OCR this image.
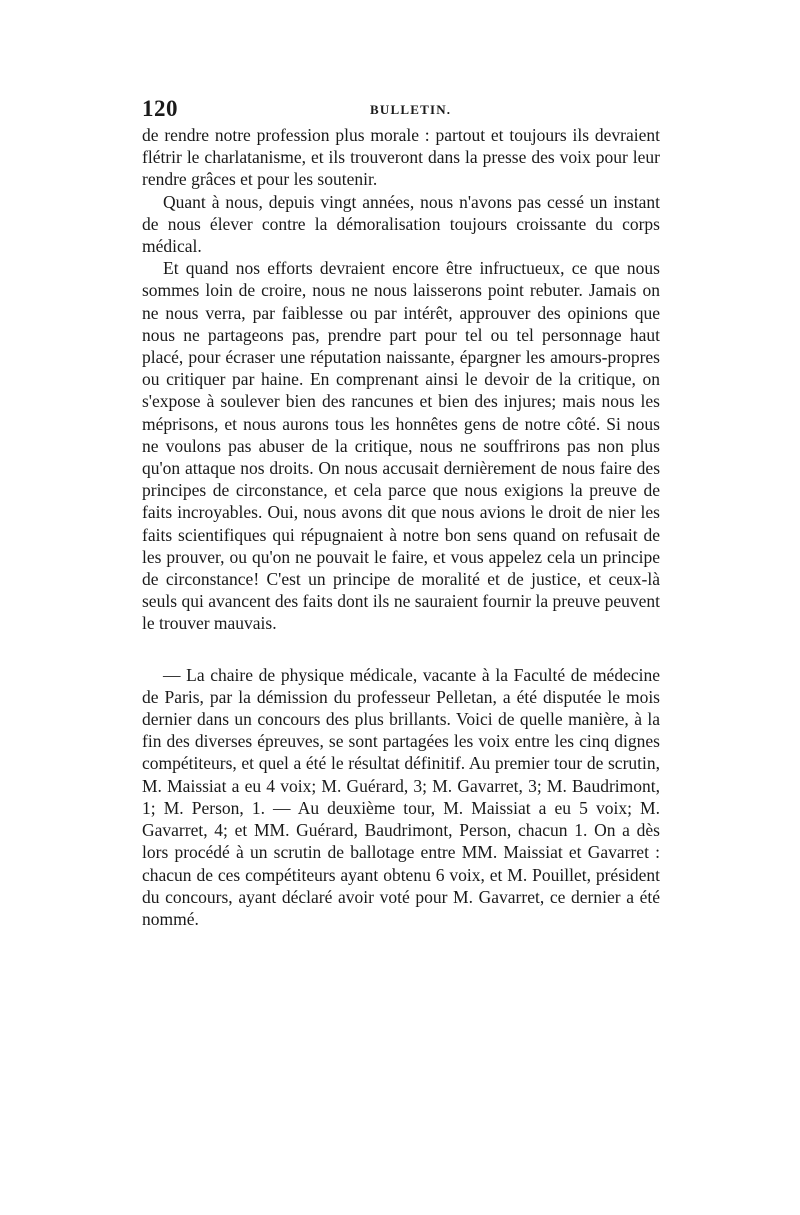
120	BULLETIN.

de rendre notre profession plus morale : partout et toujours ils devraient flétrir le charlatanisme, et ils trouveront dans la presse des voix pour leur rendre grâces et pour les soutenir.

Quant à nous, depuis vingt années, nous n'avons pas cessé un instant de nous élever contre la démoralisation toujours croissante du corps médical.

Et quand nos efforts devraient encore être infructueux, ce que nous sommes loin de croire, nous ne nous laisserons point rebuter. Jamais on ne nous verra, par faiblesse ou par intérêt, approuver des opinions que nous ne partageons pas, prendre part pour tel ou tel personnage haut placé, pour écraser une réputation naissante, épargner les amours-propres ou critiquer par haine. En comprenant ainsi le devoir de la critique, on s'expose à soulever bien des rancunes et bien des injures; mais nous les méprisons, et nous aurons tous les honnêtes gens de notre côté. Si nous ne voulons pas abuser de la critique, nous ne souffrirons pas non plus qu'on attaque nos droits. On nous accusait dernièrement de nous faire des principes de circonstance, et cela parce que nous exigions la preuve de faits incroyables. Oui, nous avons dit que nous avions le droit de nier les faits scientifiques qui répugnaient à notre bon sens quand on refusait de les prouver, ou qu'on ne pouvait le faire, et vous appelez cela un principe de circonstance! C'est un principe de moralité et de justice, et ceux-là seuls qui avancent des faits dont ils ne sauraient fournir la preuve peuvent le trouver mauvais.

— La chaire de physique médicale, vacante à la Faculté de médecine de Paris, par la démission du professeur Pelletan, a été disputée le mois dernier dans un concours des plus brillants. Voici de quelle manière, à la fin des diverses épreuves, se sont partagées les voix entre les cinq dignes compétiteurs, et quel a été le résultat définitif. Au premier tour de scrutin, M. Maissiat a eu 4 voix; M. Guérard, 3; M. Gavarret, 3; M. Baudrimont, 1; M. Person, 1. — Au deuxième tour, M. Maissiat a eu 5 voix; M. Gavarret, 4; et MM. Guérard, Baudrimont, Person, chacun 1. On a dès lors procédé à un scrutin de ballotage entre MM. Maissiat et Gavarret : chacun de ces compétiteurs ayant obtenu 6 voix, et M. Pouillet, président du concours, ayant déclaré avoir voté pour M. Gavarret, ce dernier a été nommé.
